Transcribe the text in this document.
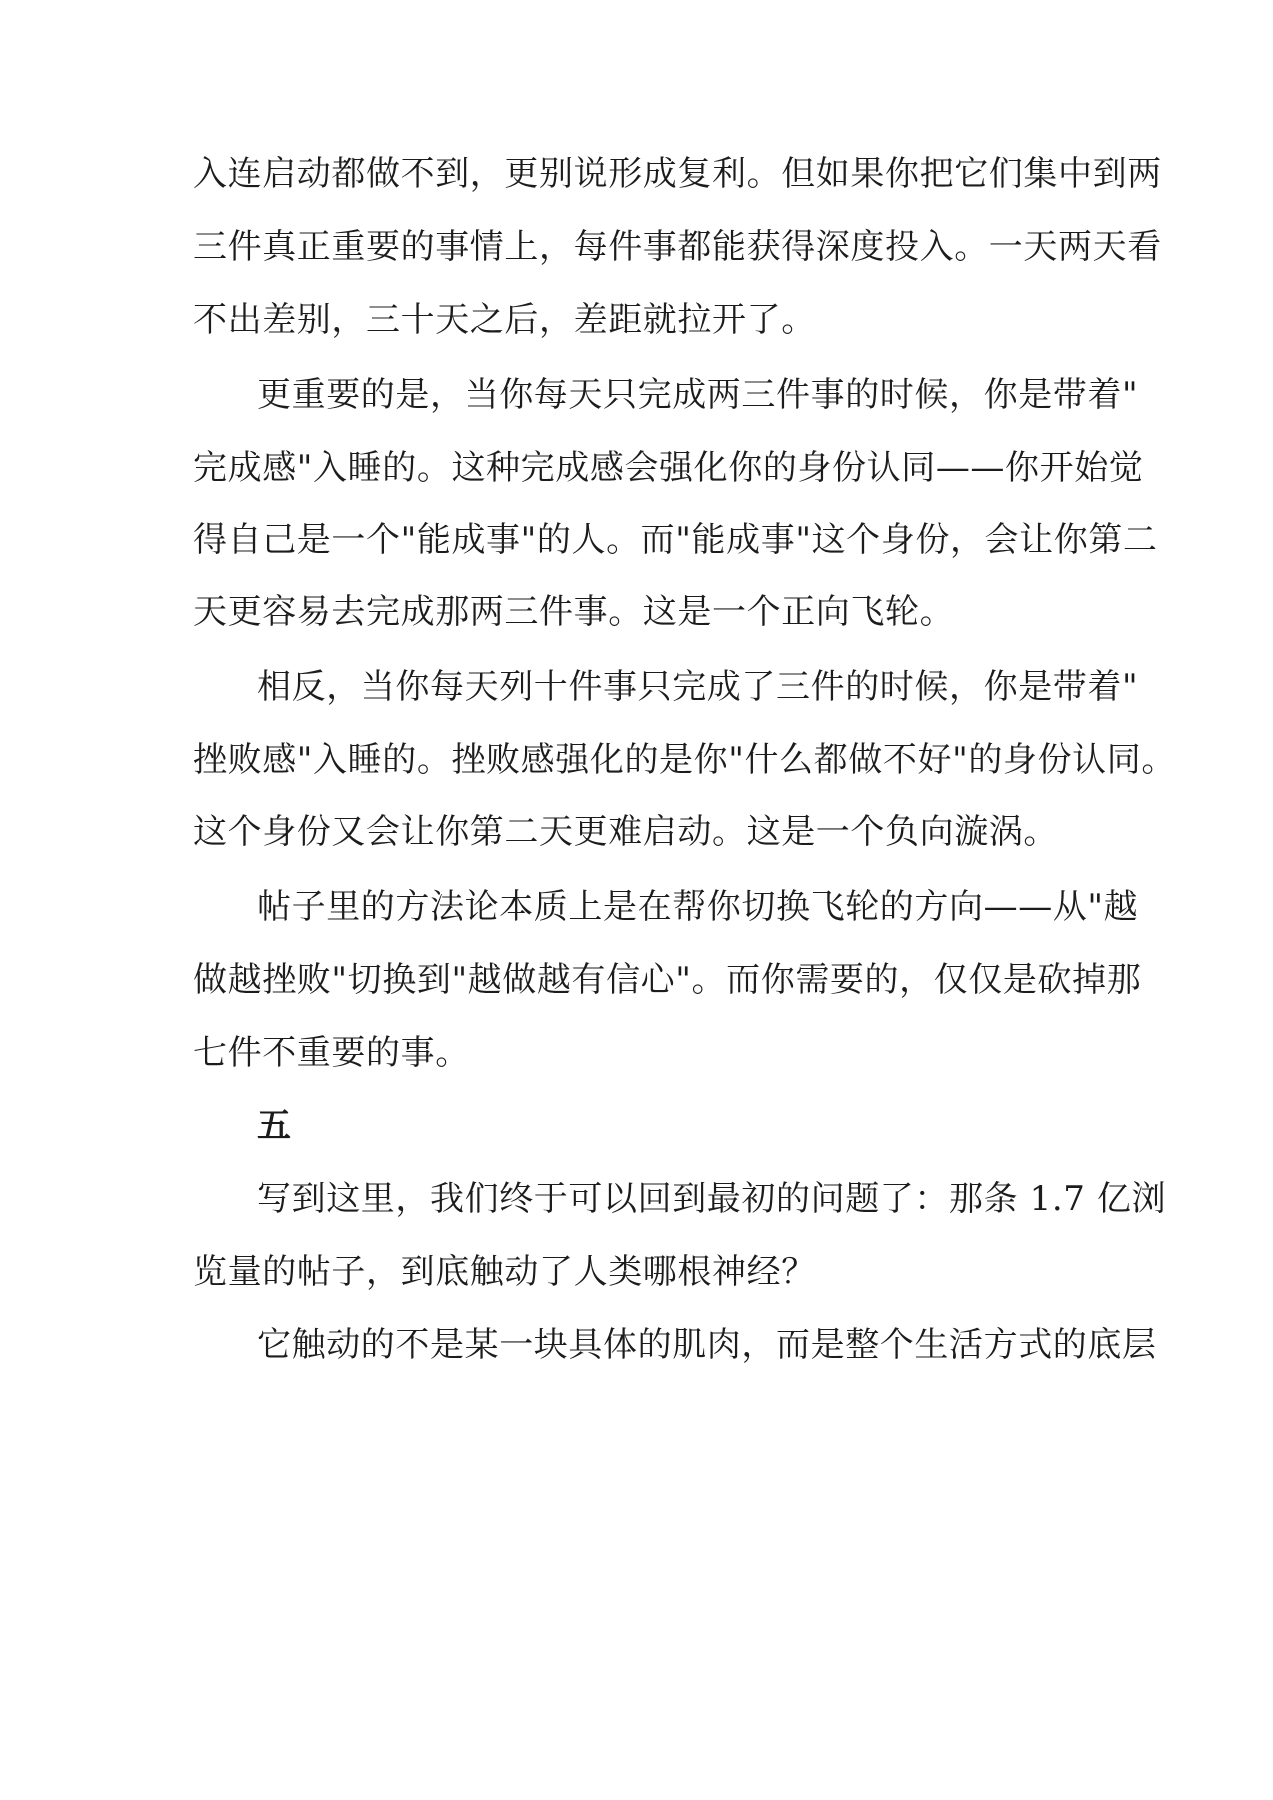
入连启动都做不到，更别说形成复利。但如果你把它们集中到两
三件真正重要的事情上，每件事都能获得深度投入。一天两天看
不出差别，三十天之后，差距就拉开了。
更重要的是，当你每天只完成两三件事的时候，你是带着"
完成感"入睡的。这种完成感会强化你的身份认同——你开始觉
得自己是一个"能成事"的人。而"能成事"这个身份，会让你第二
天更容易去完成那两三件事。这是一个正向飞轮。
相反，当你每天列十件事只完成了三件的时候，你是带着"
挫败感"入睡的。挫败感强化的是你"什么都做不好"的身份认同。
这个身份又会让你第二天更难启动。这是一个负向漩涡。
帖子里的方法论本质上是在帮你切换飞轮的方向——从"越
做越挫败"切换到"越做越有信心"。而你需要的，仅仅是砍掉那
七件不重要的事。
五
写到这里，我们终于可以回到最初的问题了：那条 1.7 亿浏
览量的帖子，到底触动了人类哪根神经？
它触动的不是某一块具体的肌肉，而是整个生活方式的底层
